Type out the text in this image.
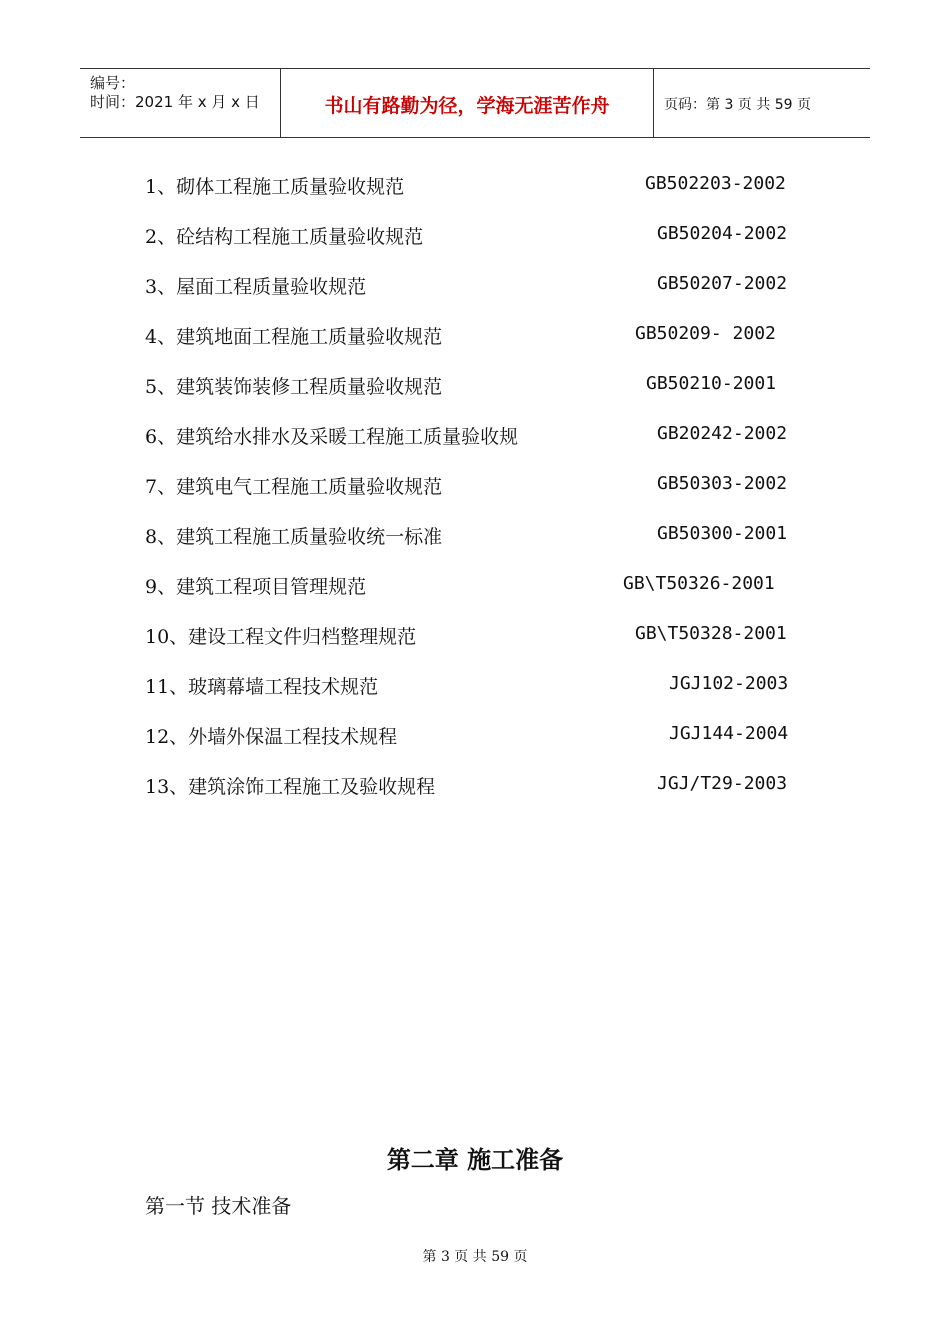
编号：
时间：2021 年 x 月 x 日	书山有路勤为径，学海无涯苦作舟	页码：第 3 页 共 59 页
1、砌体工程施工质量验收规范	GB502203-2002
2、砼结构工程施工质量验收规范	GB50204-2002
3、屋面工程质量验收规范	GB50207-2002
4、建筑地面工程施工质量验收规范	GB50209- 2002
5、建筑装饰装修工程质量验收规范	GB50210-2001
6、建筑给水排水及采暖工程施工质量验收规	GB20242-2002
7、建筑电气工程施工质量验收规范	GB50303-2002
8、建筑工程施工质量验收统一标准	GB50300-2001
9、建筑工程项目管理规范	GB\T50326-2001
10、建设工程文件归档整理规范	GB\T50328-2001
11、玻璃幕墙工程技术规范	JGJ102-2003
12、外墙外保温工程技术规程	JGJ144-2004
13、建筑涂饰工程施工及验收规程	JGJ/T29-2003
第二章 施工准备
第一节 技术准备
第 3 页 共 59 页
